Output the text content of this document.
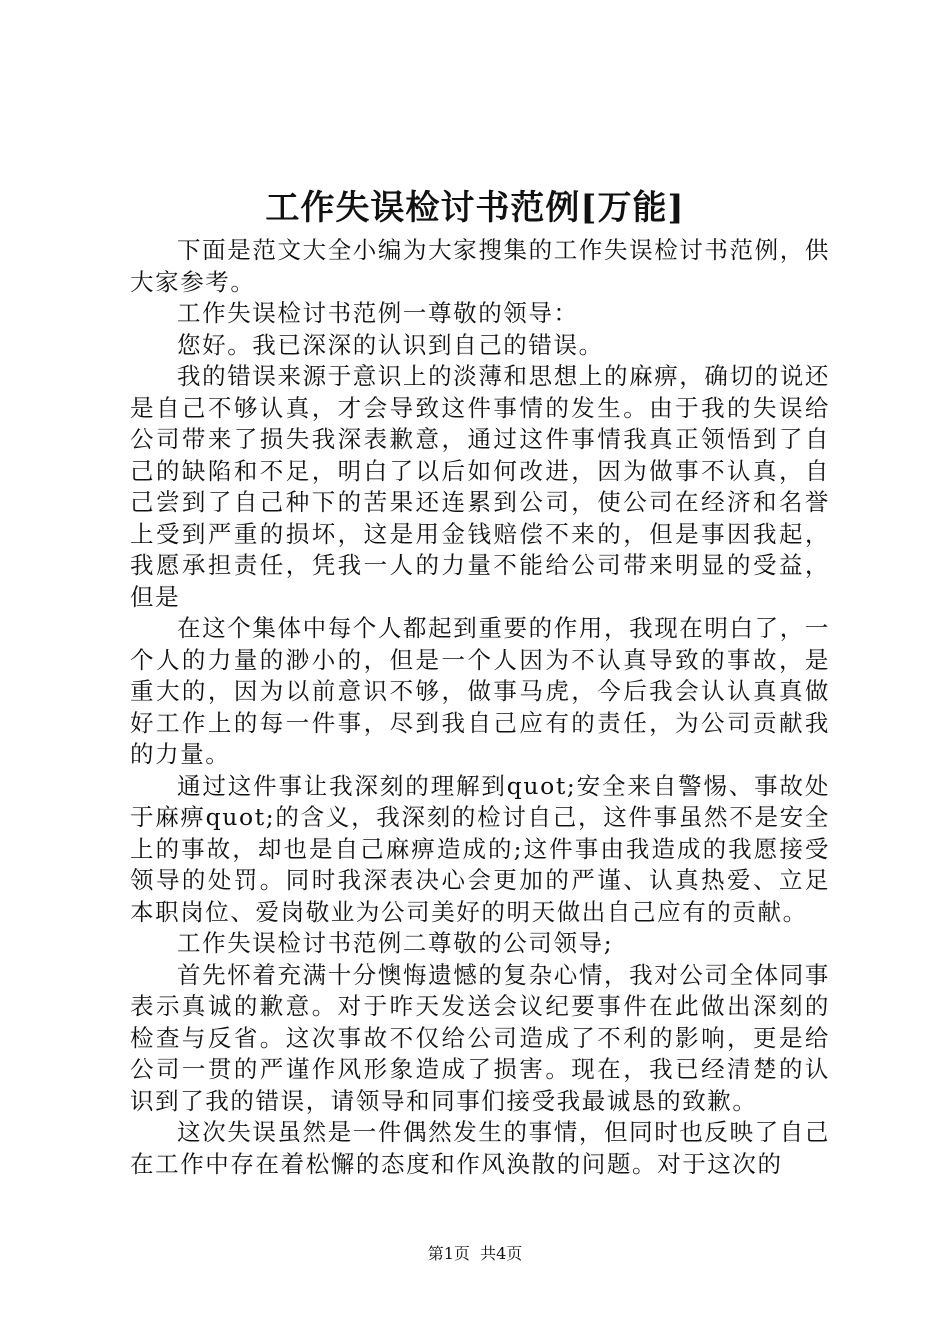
工作失误检讨书范例[万能]

下面是范文大全小编为大家搜集的工作失误检讨书范例，供大家参考。

工作失误检讨书范例一尊敬的领导：

您好。我已深深的认识到自己的错误。

我的错误来源于意识上的淡薄和思想上的麻痹，确切的说还是自己不够认真，才会导致这件事情的发生。由于我的失误给公司带来了损失我深表歉意，通过这件事情我真正领悟到了自己的缺陷和不足，明白了以后如何改进，因为做事不认真，自己尝到了自己种下的苦果还连累到公司，使公司在经济和名誉上受到严重的损坏，这是用金钱赔偿不来的，但是事因我起，我愿承担责任，凭我一人的力量不能给公司带来明显的受益，但是

在这个集体中每个人都起到重要的作用，我现在明白了，一个人的力量的渺小的，但是一个人因为不认真导致的事故，是重大的，因为以前意识不够，做事马虎，今后我会认认真真做好工作上的每一件事，尽到我自己应有的责任，为公司贡献我的力量。

通过这件事让我深刻的理解到quot;安全来自警惕、事故处于麻痹quot;的含义，我深刻的检讨自己，这件事虽然不是安全上的事故，却也是自己麻痹造成的;这件事由我造成的我愿接受领导的处罚。同时我深表决心会更加的严谨、认真热爱、立足本职岗位、爱岗敬业为公司美好的明天做出自己应有的贡献。

工作失误检讨书范例二尊敬的公司领导;

首先怀着充满十分懊悔遗憾的复杂心情，我对公司全体同事表示真诚的歉意。对于昨天发送会议纪要事件在此做出深刻的检查与反省。这次事故不仅给公司造成了不利的影响，更是给公司一贯的严谨作风形象造成了损害。现在，我已经清楚的认识到了我的错误，请领导和同事们接受我最诚恳的致歉。

这次失误虽然是一件偶然发生的事情，但同时也反映了自己在工作中存在着松懈的态度和作风涣散的问题。对于这次的

第1页 共4页
